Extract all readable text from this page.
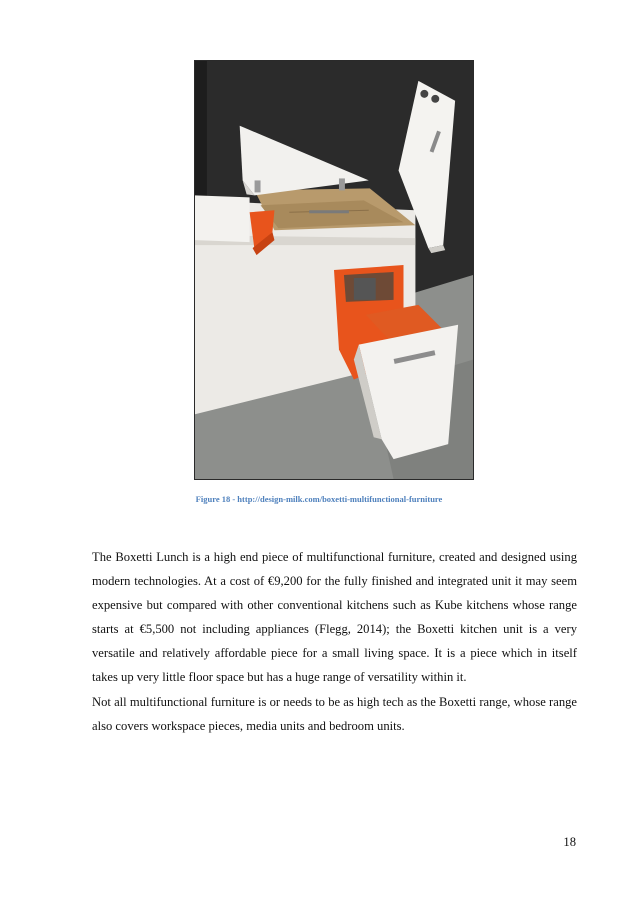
Figure 18 - http://design-milk.com/boxetti-multifunctional-furniture

The Boxetti Lunch is a high end piece of multifunctional furniture, created and designed using modern technologies. At a cost of €9,200 for the fully finished and integrated unit it may seem expensive but compared with other conventional kitchens such as Kube kitchens whose range starts at €5,500 not including appliances (Flegg, 2014); the Boxetti kitchen unit is a very versatile and relatively affordable piece for a small living space. It is a piece which in itself takes up very little floor space but has a huge range of versatility within it.

Not all multifunctional furniture is or needs to be as high tech as the Boxetti range, whose range also covers workspace pieces, media units and bedroom units.

18
